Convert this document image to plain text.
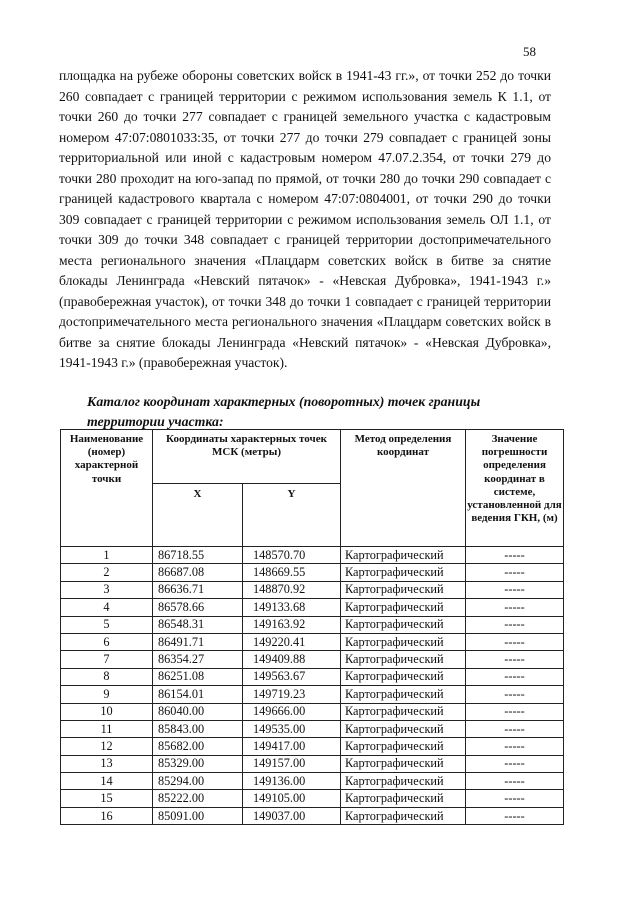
58

площадка на рубеже обороны советских войск в 1941-43 гг.», от точки 252 до точки 260 совпадает с границей территории с режимом использования земель К 1.1, от точки 260 до точки 277 совпадает с границей земельного участка с кадастровым номером 47:07:0801033:35, от точки 277 до точки 279 совпадает с границей зоны территориальной или иной с кадастровым номером 47.07.2.354, от точки 279 до точки 280 проходит на юго-запад по прямой, от точки 280 до точки 290 совпадает с границей кадастрового квартала с номером 47:07:0804001, от точки 290 до точки 309 совпадает с границей территории с режимом использования земель ОЛ 1.1, от точки 309 до точки 348 совпадает с границей территории достопримечательного места регионального значения «Плацдарм советских войск в битве за снятие блокады Ленинграда «Невский пятачок» - «Невская Дубровка», 1941-1943 г.» (правобережная участок), от точки 348 до точки 1 совпадает с границей территории достопримечательного места регионального значения «Плацдарм советских войск в битве за снятие блокады Ленинграда «Невский пятачок» - «Невская Дубровка», 1941-1943 г.» (правобережная участок).

Каталог координат характерных (поворотных) точек границы
территории участка:

Наименование (номер) характерной точки	Координаты характерных точек МСК (метры)		Метод определения координат	Значение погрешности определения координат в системе, установленной для ведения ГКН, (м)
	X	Y		
1	86718.55	148570.70	Картографический	-----
2	86687.08	148669.55	Картографический	-----
3	86636.71	148870.92	Картографический	-----
4	86578.66	149133.68	Картографический	-----
5	86548.31	149163.92	Картографический	-----
6	86491.71	149220.41	Картографический	-----
7	86354.27	149409.88	Картографический	-----
8	86251.08	149563.67	Картографический	-----
9	86154.01	149719.23	Картографический	-----
10	86040.00	149666.00	Картографический	-----
11	85843.00	149535.00	Картографический	-----
12	85682.00	149417.00	Картографический	-----
13	85329.00	149157.00	Картографический	-----
14	85294.00	149136.00	Картографический	-----
15	85222.00	149105.00	Картографический	-----
16	85091.00	149037.00	Картографический	-----
